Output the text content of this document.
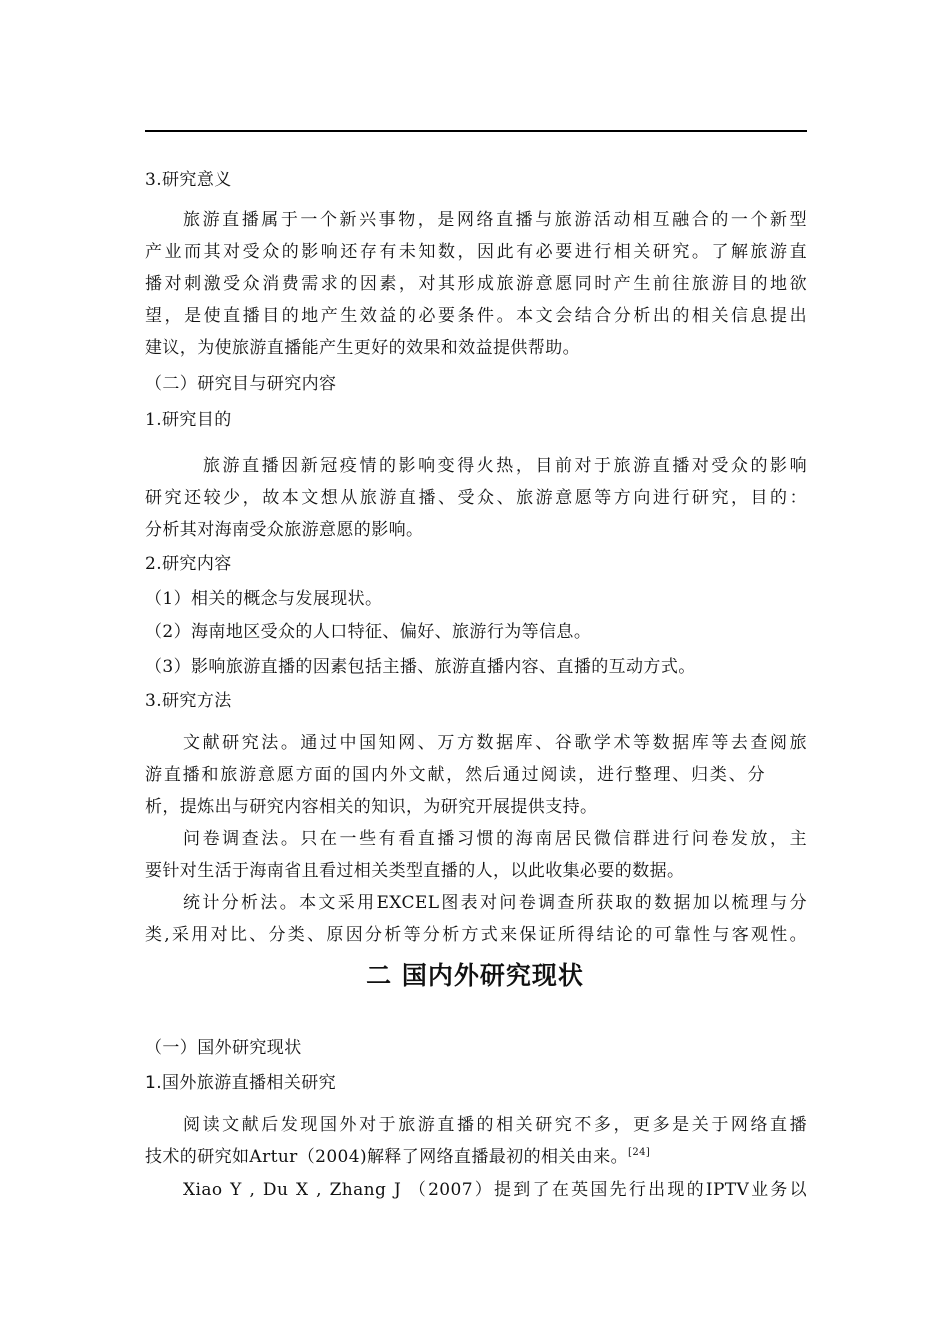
3.研究意义
旅游直播属于一个新兴事物，是网络直播与旅游活动相互融合的一个新型
产业而其对受众的影响还存有未知数，因此有必要进行相关研究。了解旅游直
播对刺激受众消费需求的因素，对其形成旅游意愿同时产生前往旅游目的地欲
望，是使直播目的地产生效益的必要条件。本文会结合分析出的相关信息提出
建议，为使旅游直播能产生更好的效果和效益提供帮助。
（二）研究目与研究内容
1.研究目的
旅游直播因新冠疫情的影响变得火热，目前对于旅游直播对受众的影响
研究还较少，故本文想从旅游直播、受众、旅游意愿等方向进行研究，目的：
分析其对海南受众旅游意愿的影响。
2.研究内容
（1）相关的概念与发展现状。
（2）海南地区受众的人口特征、偏好、旅游行为等信息。
（3）影响旅游直播的因素包括主播、旅游直播内容、直播的互动方式。
3.研究方法
文献研究法。通过中国知网、万方数据库、谷歌学术等数据库等去查阅旅
游直播和旅游意愿方面的国内外文献，然后通过阅读，进行整理、归类、分
析，提炼出与研究内容相关的知识，为研究开展提供支持。
问卷调查法。只在一些有看直播习惯的海南居民微信群进行问卷发放，主
要针对生活于海南省且看过相关类型直播的人，以此收集必要的数据。
统计分析法。本文采用EXCEL图表对问卷调查所获取的数据加以梳理与分
类,采用对比、分类、原因分析等分析方式来保证所得结论的可靠性与客观性。
二 国内外研究现状
（一）国外研究现状
1.国外旅游直播相关研究
阅读文献后发现国外对于旅游直播的相关研究不多，更多是关于网络直播
技术的研究如Artur（2004)解释了网络直播最初的相关由来。[24]
Xiao Y , Du X , Zhang J （2007）提到了在英国先行出现的IPTV业务以
